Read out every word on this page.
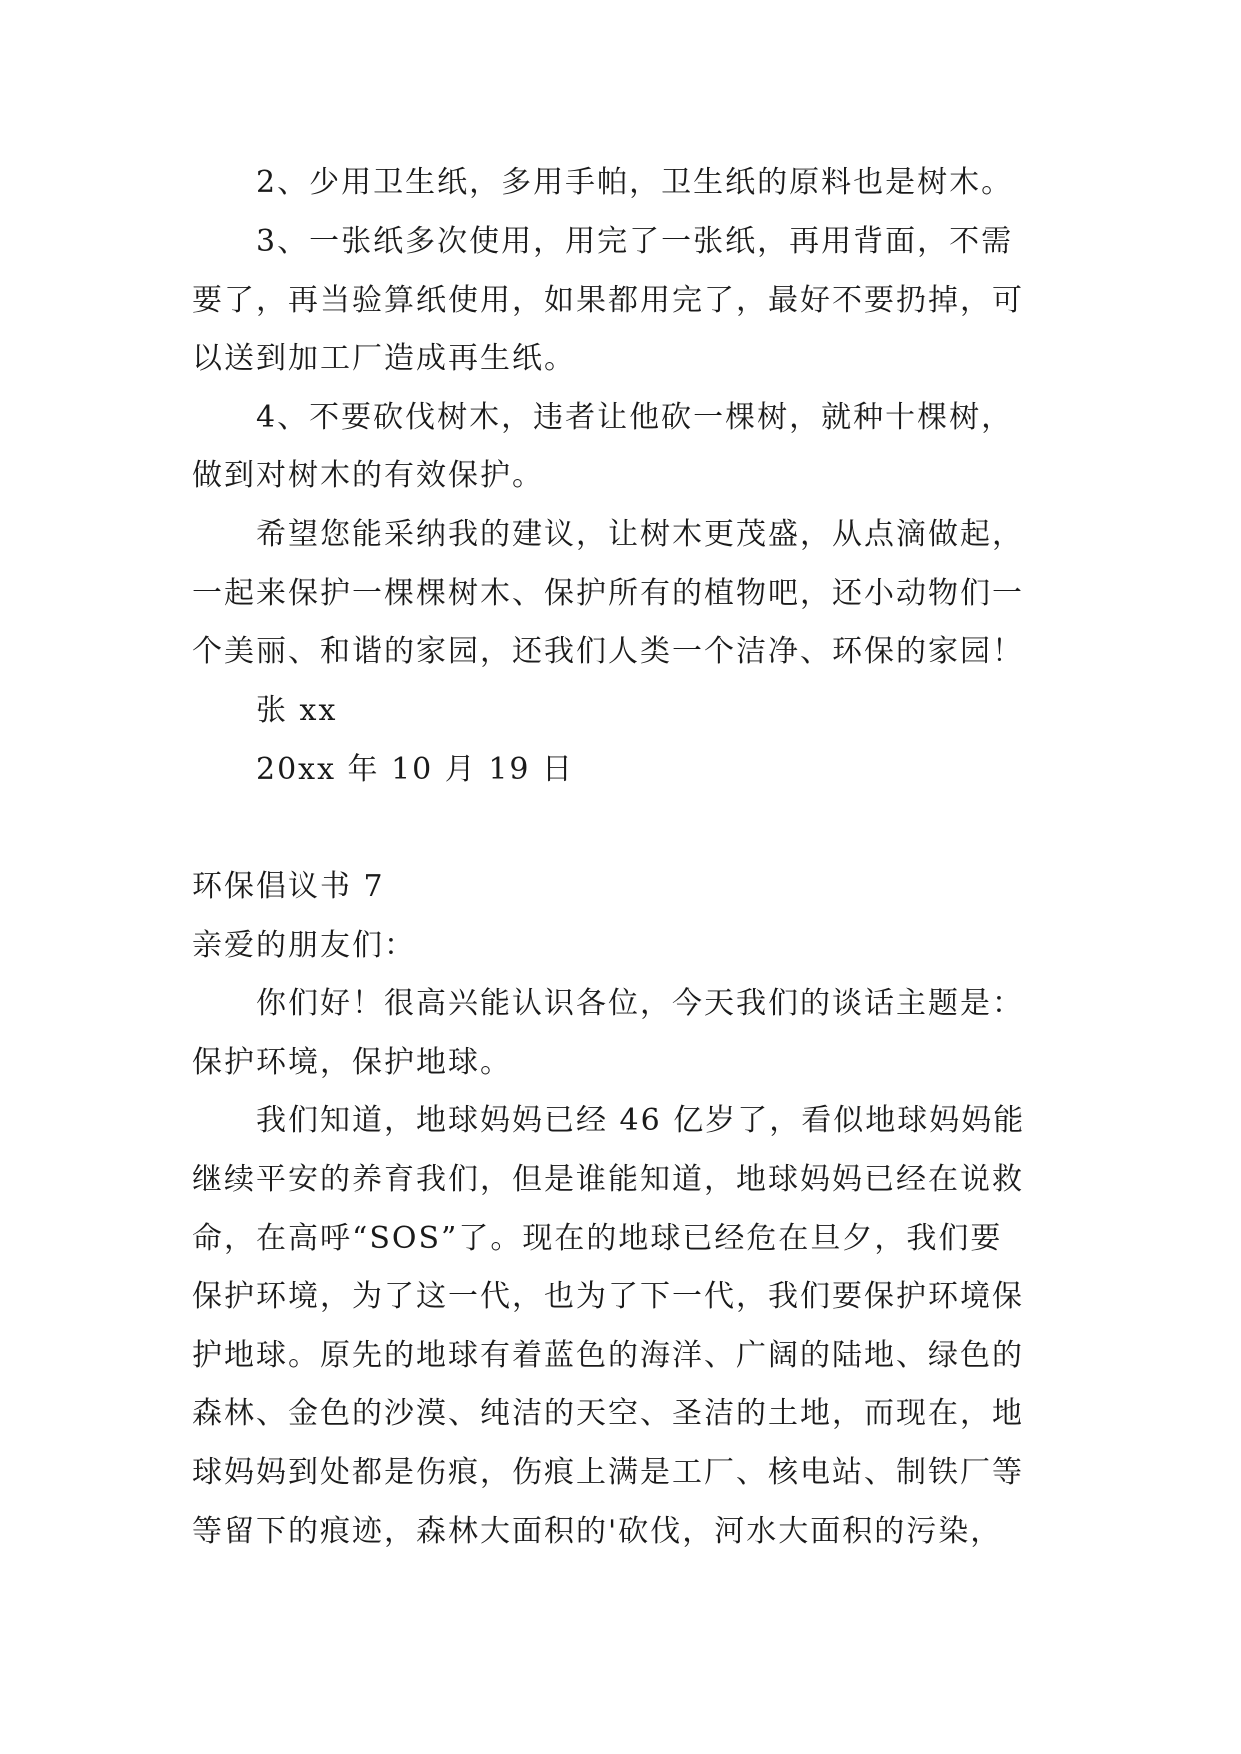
2、少用卫生纸，多用手帕，卫生纸的原料也是树木。
3、一张纸多次使用，用完了一张纸，再用背面，不需
要了，再当验算纸使用，如果都用完了，最好不要扔掉，可
以送到加工厂造成再生纸。
4、不要砍伐树木，违者让他砍一棵树，就种十棵树，
做到对树木的有效保护。
希望您能采纳我的建议，让树木更茂盛，从点滴做起，
一起来保护一棵棵树木、保护所有的植物吧，还小动物们一
个美丽、和谐的家园，还我们人类一个洁净、环保的家园！
张 xx
20xx 年 10 月 19 日
环保倡议书 7
亲爱的朋友们：
你们好！很高兴能认识各位，今天我们的谈话主题是：
保护环境，保护地球。
我们知道，地球妈妈已经 46 亿岁了，看似地球妈妈能
继续平安的养育我们，但是谁能知道，地球妈妈已经在说救
命，在高呼“SOS”了。现在的地球已经危在旦夕，我们要
保护环境，为了这一代，也为了下一代，我们要保护环境保
护地球。原先的地球有着蓝色的海洋、广阔的陆地、绿色的
森林、金色的沙漠、纯洁的天空、圣洁的土地，而现在，地
球妈妈到处都是伤痕，伤痕上满是工厂、核电站、制铁厂等
等留下的痕迹，森林大面积的'砍伐，河水大面积的污染，
